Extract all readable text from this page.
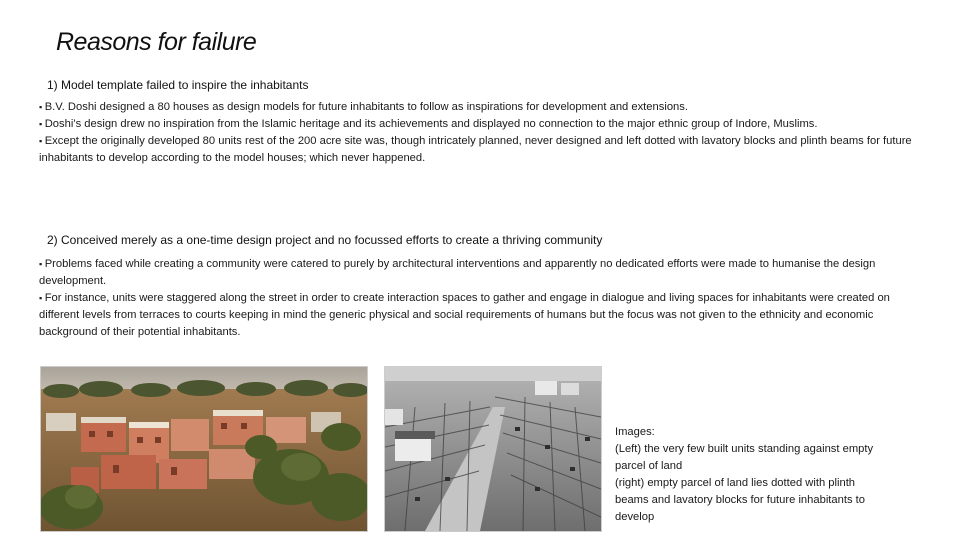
Reasons for failure
1) Model template failed to inspire the inhabitants
▪ B.V. Doshi designed a 80 houses as design models for future inhabitants to follow as inspirations for development and extensions.
▪ Doshi’s design drew no inspiration from the Islamic heritage and its achievements and displayed no connection to the major ethnic group of Indore, Muslims.
▪ Except the originally developed 80 units rest of the 200 acre site was, though intricately planned, never designed and left dotted with lavatory blocks and plinth beams for future inhabitants to develop according to the model houses; which never happened.
2) Conceived merely as a one-time design project and no focussed efforts to create a thriving community
▪ Problems faced while creating a community were catered to purely by architectural interventions and apparently no dedicated efforts were made to humanise the design development.
▪ For instance, units were staggered along the street in order to create interaction spaces to gather and engage in dialogue and living spaces for inhabitants were created on different levels from terraces to courts keeping in mind the generic physical and social requirements of humans but the focus was not given to the ethnicity and economic background of their potential inhabitants.
Images:
(Left) the very few built units standing against empty
parcel of land
(right) empty parcel of land lies dotted with plinth
beams and lavatory blocks for future inhabitants to
develop
